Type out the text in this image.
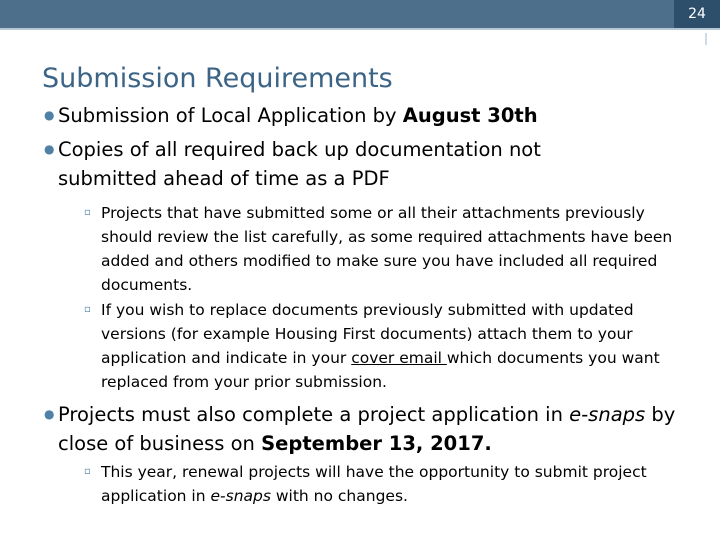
24
Submission Requirements
● Submission of Local Application by August 30th
● Copies of all required back up documentation not submitted ahead of time as a PDF
▫ Projects that have submitted some or all their attachments previously should review the list carefully, as some required attachments have been added and others modified to make sure you have included all required documents.
▫ If you wish to replace documents previously submitted with updated versions (for example Housing First documents) attach them to your application and indicate in your cover email which documents you want replaced from your prior submission.
● Projects must also complete a project application in e-snaps by close of business on September 13, 2017.
▫ This year, renewal projects will have the opportunity to submit project application in e-snaps with no changes.
